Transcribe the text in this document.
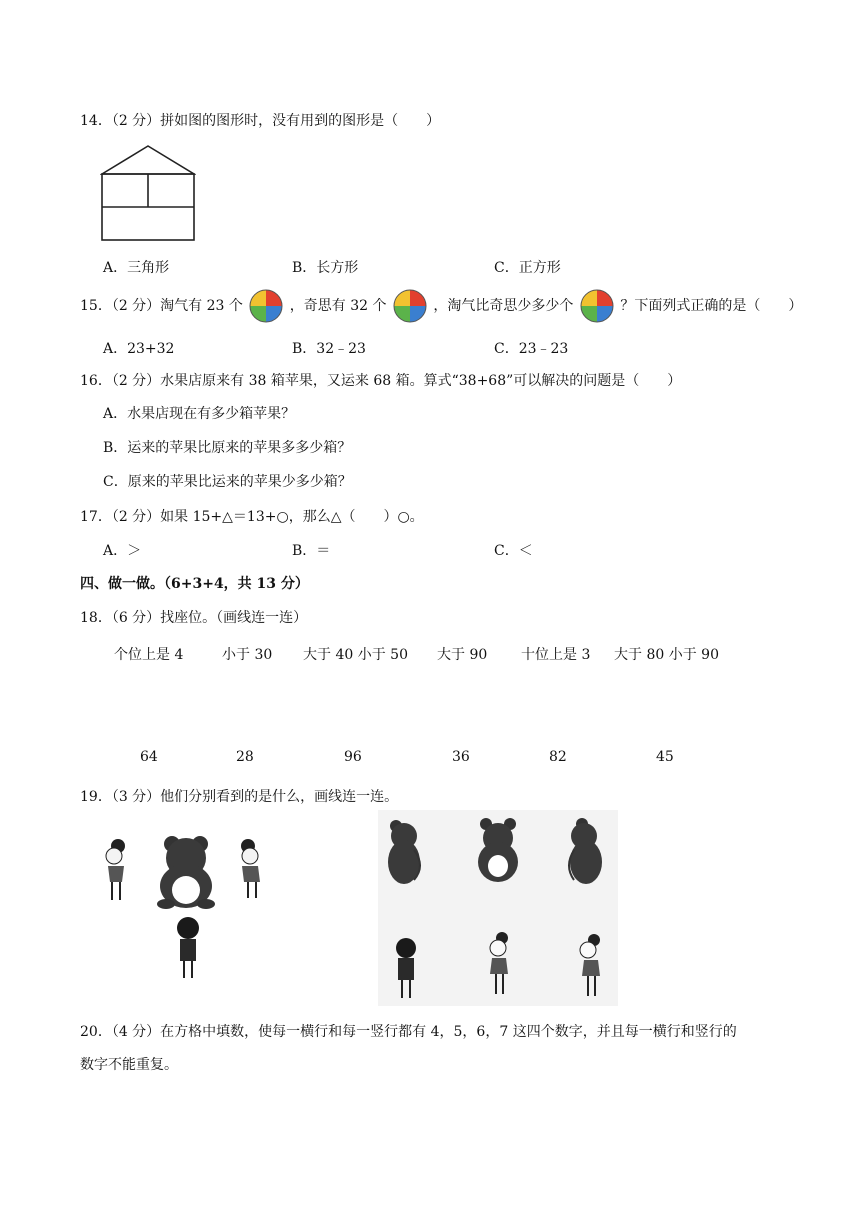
14．（2 分）拼如图的图形时，没有用到的图形是（　　）
A．三角形	B．长方形	C．正方形
15．（2 分）淘气有 23 个	，奇思有 32 个	，淘气比奇思少多少个	？下面列式正确的是（　　）
A．23+32	B．32﹣23	C．23﹣23
16．（2 分）水果店原来有 38 箱苹果，又运来 68 箱。算式“38+68”可以解决的问题是（　　）
A．水果店现在有多少箱苹果？
B．运来的苹果比原来的苹果多多少箱？
C．原来的苹果比运来的苹果少多少箱？
17．（2 分）如果 15+△＝13+○，那么△（　　）○。
A．＞	B．＝	C．＜
四、做一做。（6+3+4，共 13 分）
18．（6 分）找座位。（画线连一连）
个位上是 4	小于 30 大于 40 小于 50 大于 90 十位上是 3 大于 80 小于 90
64	28	96	36	82	45
19．（3 分）他们分别看到的是什么，画线连一连。
20．（4 分）在方格中填数，使每一横行和每一竖行都有 4，5，6，7 这四个数字，并且每一横行和竖行的
数字不能重复。
